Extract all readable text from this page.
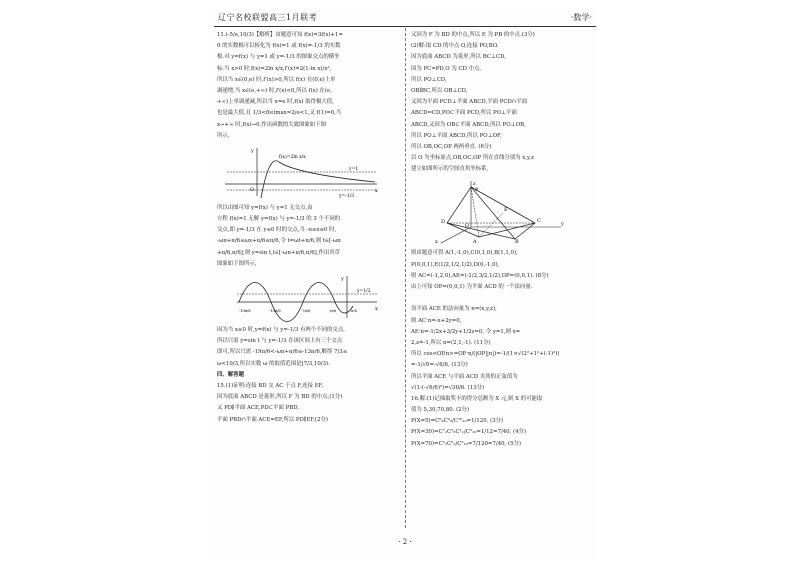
辽宁名校联盟高三1月联考	·数学·

11.(-5/e,10/3)【解析】由题意可知 f(x)=3f(x)+1=

0 的实数根可以转化为 f(x)=1 或 f(x)=-1/3 的实数

根.对 y=f(x) 与 y=1 或 y=-1/3 的图象交点的横坐

标.当 x>0 时,f(x)=2ln x/x,f′(x)=2(1-ln x)/x²,

所以当 x∈(0,e) 时,f′(x)>0,所以 f(x) 在(0,e)上单

调递增,当 x∈(e,+∞) 时,f′(x)<0,所以 f(x) 在(e,

+∞)上单调递减,所以当 x=e 时,f(x) 取得极大值,

也是最大值,且 1/3<f(e)max=2/e<1,又 f(1)=0,当

x→+∞ 时,f(x)→0,作出函数的大致图象如下图

所示,

y
x
O
f(x)=2ln x/x
y=1
y=-1/3

所以由图可知 y=f(x) 与 y=1 无交点,由

方程 f(x)=1 无解 y=f(x) 与 y=-1/3 的 3 个不同的

交点,即 y=-1/3 在 y≤0 时的交点,当 -π≤x≤0 时,

-ωπ+π/6≤ωx+π/6≤π/6,令 t=ωt+π/6,则 t∈[-ωπ

+π/6,π/6],则 y=sin t,t∈[-ωπ+π/6,π/6],作出其草

图象如下图所示,

y
x
y=1/2
-19π/6	-13π/6	-7π/6	-π/6	π/6

因为当 x≥0 时,y=f(x) 与 y=-1/3 有两个不同的交点,

所以只需 y=sin t 与 y=-1/3 在该区间上有三个交点

即可,所以只需 -19π/6<-ωπ+π/6≤-13π/6,解得 7/3≤

ω<10/3,所以实数 ω 的取值范围是[7/3,10/3).

四、解答题

15.(1)证明:连接 BD 交 AC 于点 F,连接 EF.

因为底面 ABCD 是菱形,所以 F 为 BD 的中点,(1分)

又 PD∥平面 ACE,PD⊂平面 PBD,

平面 PBD∩平面 ACE=EF,所以 PD∥EF,(2分)

又因为 F 为 BD 的中点,所以 E 为 PB 的中点.(3分)

(2)解:取 CD 的中点 O,连接 PO,BO.

因为底面 ABCD 为菱形,所以 BC⊥CD,

因为 PC=PD,O 为 CD 中点,

所以 PO⊥CD,

OB∥BC,所以 OB⊥CD,

又因为平面 PCD⊥平面 ABCD,平面 PCD∩平面

ABCD=CD,PO⊂平面 PCD,所以 PO⊥平面

ABCD,又因为 OB⊂平面 ABCD,所以 PO⊥OB,

所以 PO⊥平面 ABCD,所以 PO⊥OF,

所以 OB,OC,OP 两两垂直. (6分)

以 O 为坐标原点,OB,OC,OP 所在直线分别为 x,y,z

建立如图所示的空间直角坐标系,

z
y
x
P
D
O
C
A	B
E

则由题意可得 A(1,-1,0),C(0,1,0),B(1,1,0),

P(0,0,1),E(1/2,1/2,1/2),D(0,-1,0),

则 AC=(-1,2,0),AE=(-1/2,3/2,1/2),OP=(0,0,1). (8分)

由上可知 OP=(0,0,1) 为平面 ACD 的一个法向量.

设平面 ACE 的法向量为 n=(x,y,z),

则 AC·n=-x+2y=0,

AE·n=-1/2x+3/2y+1/2z=0, 令 y=1,则 x=

2,z=-1,所以 n=(2,1,-1). (11分)

所以 cos<OP,n>=OP·n/(|OP||n|)=-1/(1×√(2²+1²+(-1)²))

=-1/√6=-√6/6, (13分)

所以平面 ACE 与平面 ACD 夹角的正弦值为

√(1-(-√6/6)²)=√30/6. (13分)

16.解:(1)记抽取奖卡的得分总额为 X 元,则 X 的可能取

值为 5,30,70,80. (2分)

P(X=5)=C⁶₈C⁴₂/C¹⁰₁₀=1/120, (3分)

P(X=30)=C⁷₁C²₈C¹₁/C³₁₀=1/12=7/40, (4分)

P(X=70)=C²₇C²₃/C³₁₀=7/120=7/40, (5分)

· 2 ·
